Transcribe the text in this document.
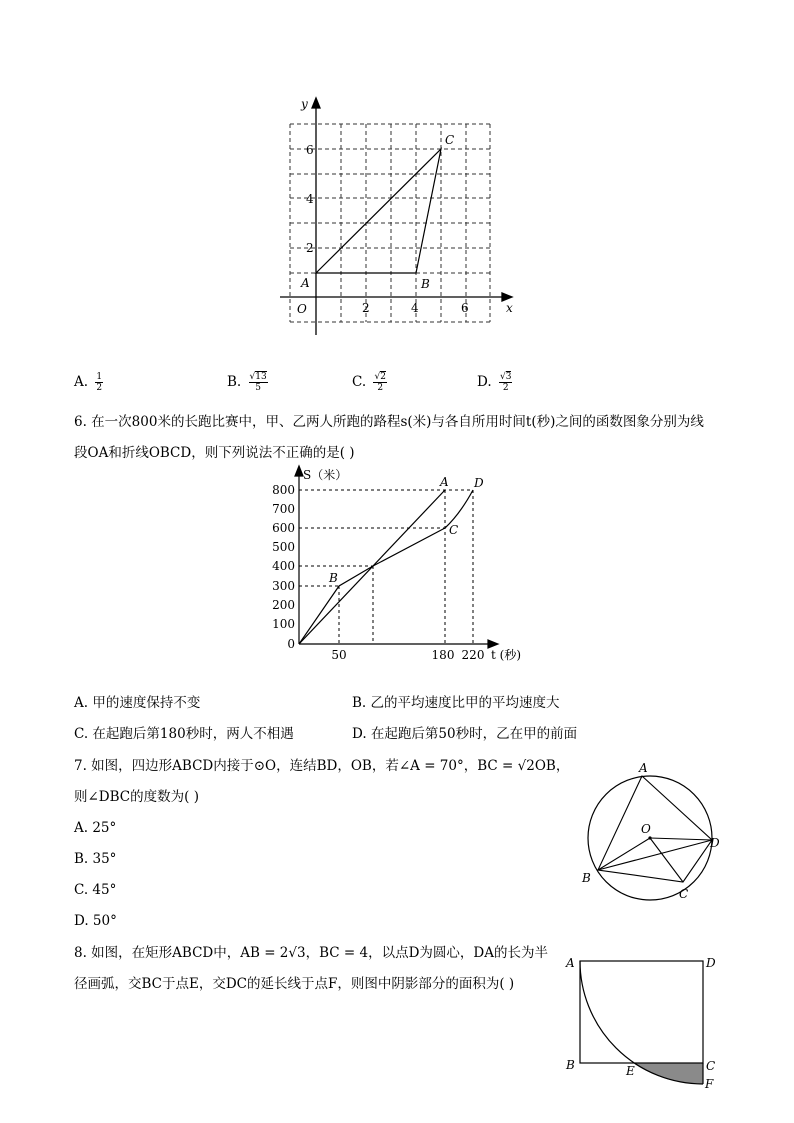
y
x
O
A	B
C
2
4
6
2	4	6
A. $\frac{1}{2}$	B. $\frac{√13}{5}$	C. $\frac{√2}{2}$	D. $\frac{√3}{2}$
6. 在一次800米的长跑比赛中，甲、乙两人所跑的路程s(米)与各自所用时间t(秒)之间的函数图象分别为线
段OA和折线OBCD，则下列说法不正确的是( )
800
700
600
500
400
300
200
100
0
50	180 220
S（米）
t (秒)
A
B
C
D
A. 甲的速度保持不变	B. 乙的平均速度比甲的平均速度大
C. 在起跑后第180秒时，两人不相遇	D. 在起跑后第50秒时，乙在甲的前面
7. 如图，四边形ABCD内接于⊙O，连结BD，OB，若∠A = 70°，BC = √2OB，
则∠DBC的度数为( )
A. 25°
B. 35°
C. 45°
D. 50°
A
B
C
D
O
8. 如图，在矩形ABCD中，AB = 2√3，BC = 4，以点D为圆心，DA的长为半
径画弧，交BC于点E，交DC的延长线于点F，则图中阴影部分的面积为( )
A
B	C
D
E
F
